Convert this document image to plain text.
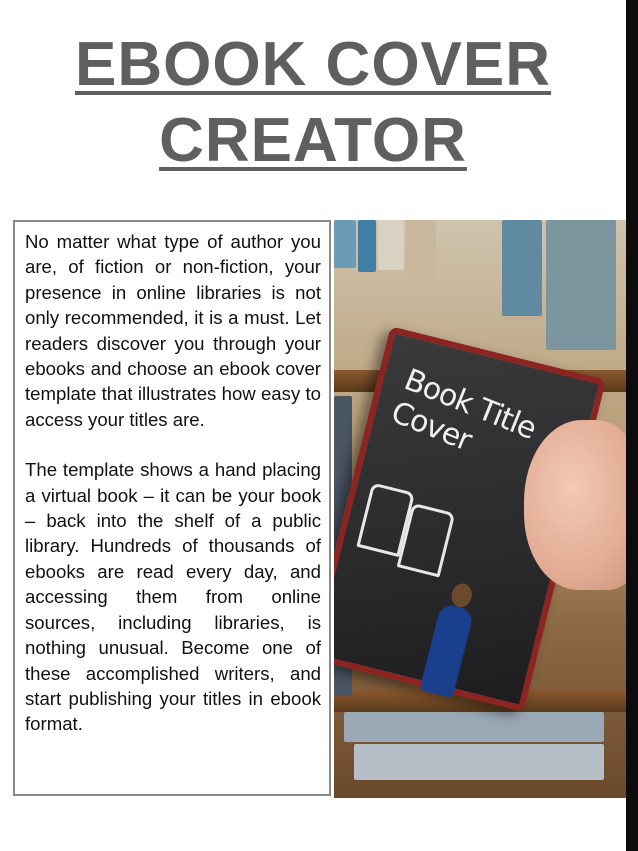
EBOOK COVER
CREATOR
Book Title Cover

No matter what type of author you are, of fiction or non-fiction, your presence in online libraries is not only recommended, it is a must. Let readers discover you through your ebooks and choose an ebook cover template that illustrates how easy to access your titles are.

The template shows a hand placing a virtual book – it can be your book – back into the shelf of a public library. Hundreds of thousands of ebooks are read every day, and accessing them from online sources, including libraries, is nothing unusual. Become one of these accomplished writers, and start publishing your titles in ebook format.
